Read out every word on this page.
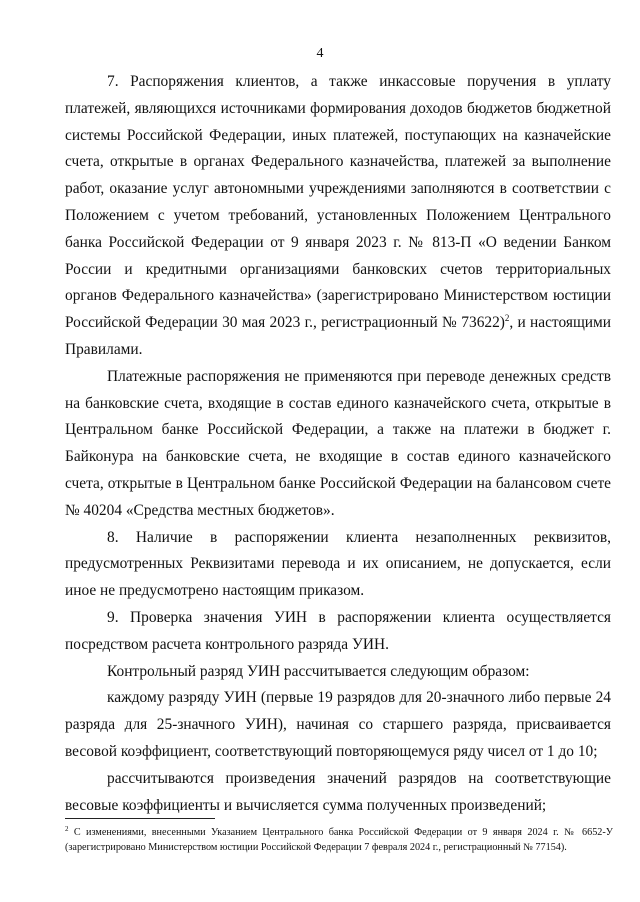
4

7. Распоряжения клиентов, а также инкассовые поручения в уплату платежей, являющихся источниками формирования доходов бюджетов бюджетной системы Российской Федерации, иных платежей, поступающих на казначейские счета, открытые в органах Федерального казначейства, платежей за выполнение работ, оказание услуг автономными учреждениями заполняются в соответствии с Положением с учетом требований, установленных Положением Центрального банка Российской Федерации от 9 января 2023 г. № 813-П «О ведении Банком России и кредитными организациями банковских счетов территориальных органов Федерального казначейства» (зарегистрировано Министерством юстиции Российской Федерации 30 мая 2023 г., регистрационный № 73622)$^2$, и настоящими Правилами.

Платежные распоряжения не применяются при переводе денежных средств на банковские счета, входящие в состав единого казначейского счета, открытые в Центральном банке Российской Федерации, а также на платежи в бюджет г. Байконура на банковские счета, не входящие в состав единого казначейского счета, открытые в Центральном банке Российской Федерации на балансовом счете № 40204 «Средства местных бюджетов».

8. Наличие в распоряжении клиента незаполненных реквизитов, предусмотренных Реквизитами перевода и их описанием, не допускается, если иное не предусмотрено настоящим приказом.

9. Проверка значения УИН в распоряжении клиента осуществляется посредством расчета контрольного разряда УИН.

Контрольный разряд УИН рассчитывается следующим образом:

каждому разряду УИН (первые 19 разрядов для 20-значного либо первые 24 разряда для 25-значного УИН), начиная со старшего разряда, присваивается весовой коэффициент, соответствующий повторяющемуся ряду чисел от 1 до 10;

рассчитываются произведения значений разрядов на соответствующие весовые коэффициенты и вычисляется сумма полученных произведений;

$^2$ С изменениями, внесенными Указанием Центрального банка Российской Федерации от 9 января 2024 г. № 6652-У (зарегистрировано Министерством юстиции Российской Федерации 7 февраля 2024 г., регистрационный № 77154).
